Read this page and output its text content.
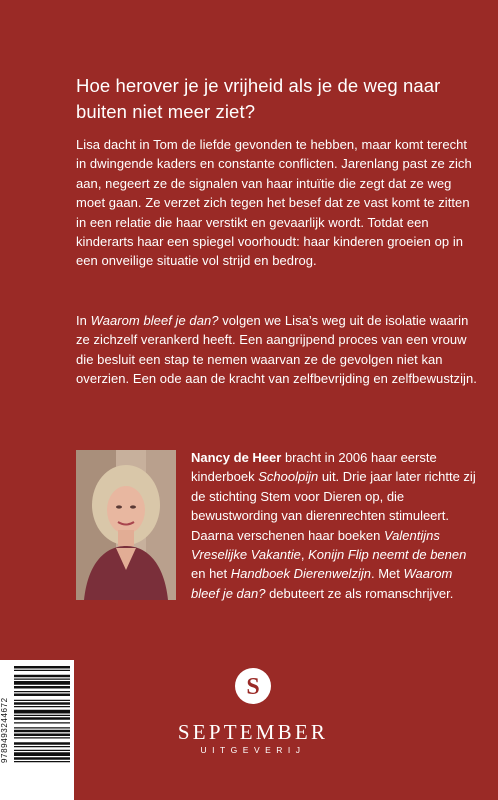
Hoe herover je je vrijheid als je de weg naar buiten niet meer ziet?

Lisa dacht in Tom de liefde gevonden te hebben, maar komt terecht in dwingende kaders en constante conflicten. Jarenlang past ze zich aan, negeert ze de signalen van haar intuïtie die zegt dat ze weg moet gaan. Ze verzet zich tegen het besef dat ze vast komt te zitten in een relatie die haar verstikt en gevaarlijk wordt. Totdat een kinderarts haar een spiegel voorhoudt: haar kinderen groeien op in een onveilige situatie vol strijd en bedrog.

In Waarom bleef je dan? volgen we Lisa’s weg uit de isolatie waarin ze zichzelf verankerd heeft. Een aangrijpend proces van een vrouw die besluit een stap te nemen waarvan ze de gevolgen niet kan overzien. Een ode aan de kracht van zelfbevrijding en zelfbewustzijn.

Nancy de Heer bracht in 2006 haar eerste kinderboek Schoolpijn uit. Drie jaar later richtte zij de stichting Stem voor Dieren op, die bewustwording van dierenrechten stimuleert. Daarna verschenen haar boeken Valentijns Vreselijke Vakantie, Konijn Flip neemt de benen en het Handboek Dierenwelzijn. Met Waarom bleef je dan? debuteert ze als romanschrijver.

9789493244672
S
SEPTEMBER
UITGEVERIJ
